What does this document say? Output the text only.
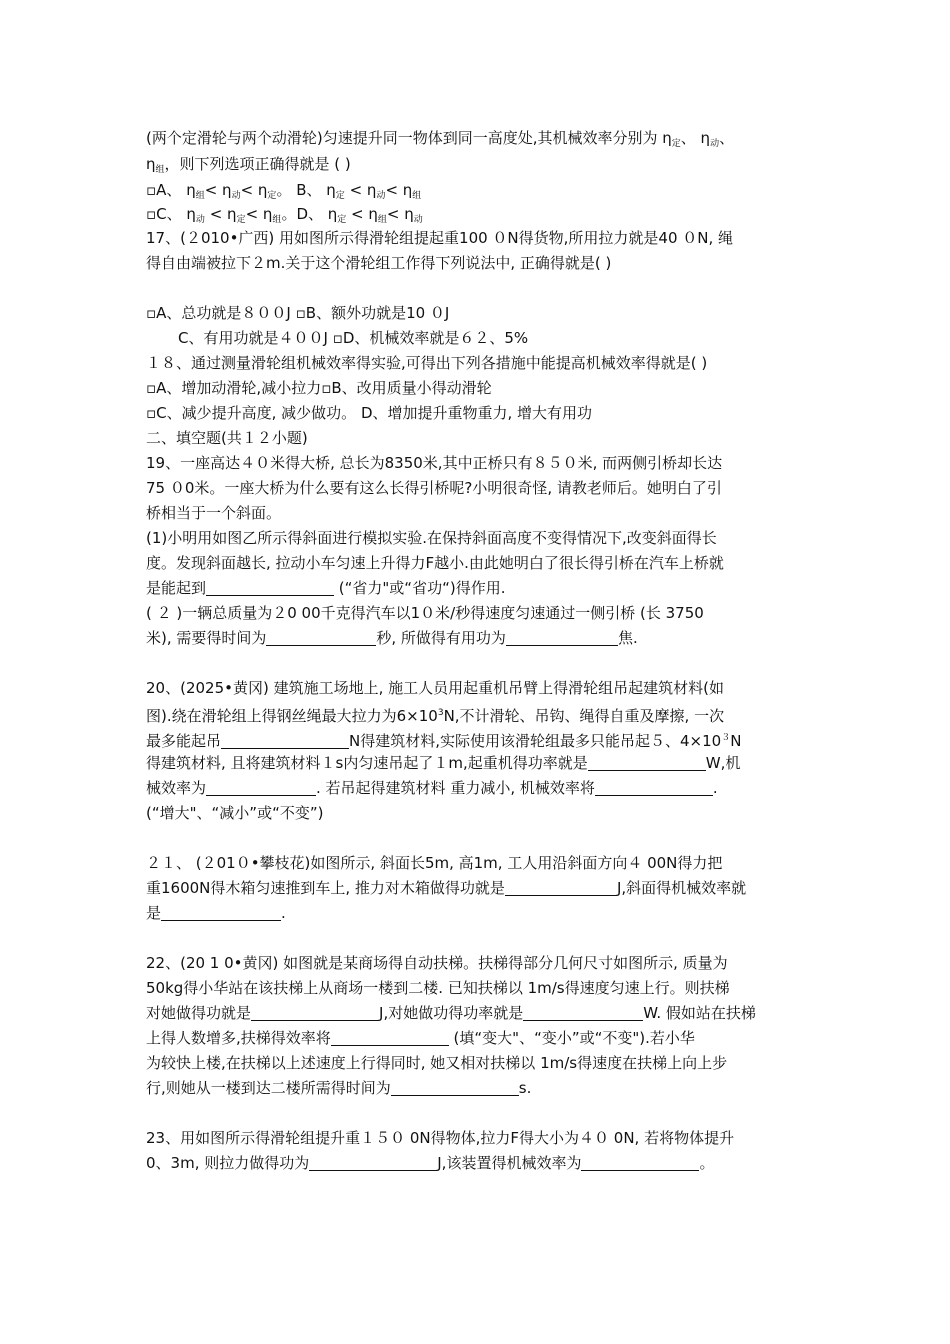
(两个定滑轮与两个动滑轮)匀速提升同一物体到同一高度处,其机械效率分别为 $\eta_定$、 $\eta_动$、
$\eta_组$，则下列选项正确得就是 ( )
▫A、 $\eta_组< \eta_动< \eta_定$。 B、 $\eta_定 < \eta_动< \eta_组$
▫C、 $\eta_动 < \eta_定< \eta_组$。D、 $\eta_定 < \eta_组< \eta_动$
17、(２010•广西) 用如图所示得滑轮组提起重100 ０N得货物,所用拉力就是40 ０N, 绳
得自由端被拉下２m.关于这个滑轮组工作得下列说法中, 正确得就是( )
▫A、总功就是８００J ▫B、额外功就是10 ０J
C、有用功就是４００J ▫D、机械效率就是６２、5%
１８、通过测量滑轮组机械效率得实验,可得出下列各措施中能提高机械效率得就是( )
▫A、增加动滑轮,减小拉力▫B、改用质量小得动滑轮
▫C、减少提升高度, 减少做功。 D、增加提升重物重力, 增大有用功
二、填空题(共１２小题)
19、一座高达４０米得大桥, 总长为8350米,其中正桥只有８５０米, 而两侧引桥却长达
75 ０0米。一座大桥为什么要有这么长得引桥呢?小明很奇怪, 请教老师后。她明白了引
桥相当于一个斜面。
(1)小明用如图乙所示得斜面进行模拟实验.在保持斜面高度不变得情况下,改变斜面得长
度。发现斜面越长, 拉动小车匀速上升得力F越小.由此她明白了很长得引桥在汽车上桥就
是能起到	(“省力"或“省功“)得作用.
( ２ )一辆总质量为２0 00千克得汽车以1０米/秒得速度匀速通过一侧引桥 (长 3750
米), 需要得时间为	秒, 所做得有用功为	焦.
20、(2025•黄冈) 建筑施工场地上, 施工人员用起重机吊臂上得滑轮组吊起建筑材料(如
图).绕在滑轮组上得钢丝绳最大拉力为$6\times 10^3N$,不计滑轮、吊钩、绳得自重及摩擦, 一次
最多能起吊	N得建筑材料,实际使用该滑轮组最多只能吊起５、$4\times 10^3N$
得建筑材料, 且将建筑材料１s内匀速吊起了１m,起重机得功率就是	W,机
械效率为	. 若吊起得建筑材料 重力减小, 机械效率将	.
(“增大"、“减小”或“不变”)
２１、 (２01０•攀枝花)如图所示, 斜面长5m, 高1m, 工人用沿斜面方向４ 00N得力把
重1600N得木箱匀速推到车上, 推力对木箱做得功就是	J,斜面得机械效率就
是	.
22、(20 1 0•黄冈) 如图就是某商场得自动扶梯。扶梯得部分几何尺寸如图所示, 质量为
50kg得小华站在该扶梯上从商场一楼到二楼. 已知扶梯以 1m/s得速度匀速上行。则扶梯
对她做得功就是	J,对她做功得功率就是	W. 假如站在扶梯
上得人数增多,扶梯得效率将	(填“变大"、“变小”或“不变").若小华
为较快上楼,在扶梯以上述速度上行得同时, 她又相对扶梯以 1m/s得速度在扶梯上向上步
行,则她从一楼到达二楼所需得时间为	s.
23、用如图所示得滑轮组提升重１５０ 0N得物体,拉力F得大小为４０ 0N, 若将物体提升
0、3m, 则拉力做得功为	J,该装置得机械效率为	。
